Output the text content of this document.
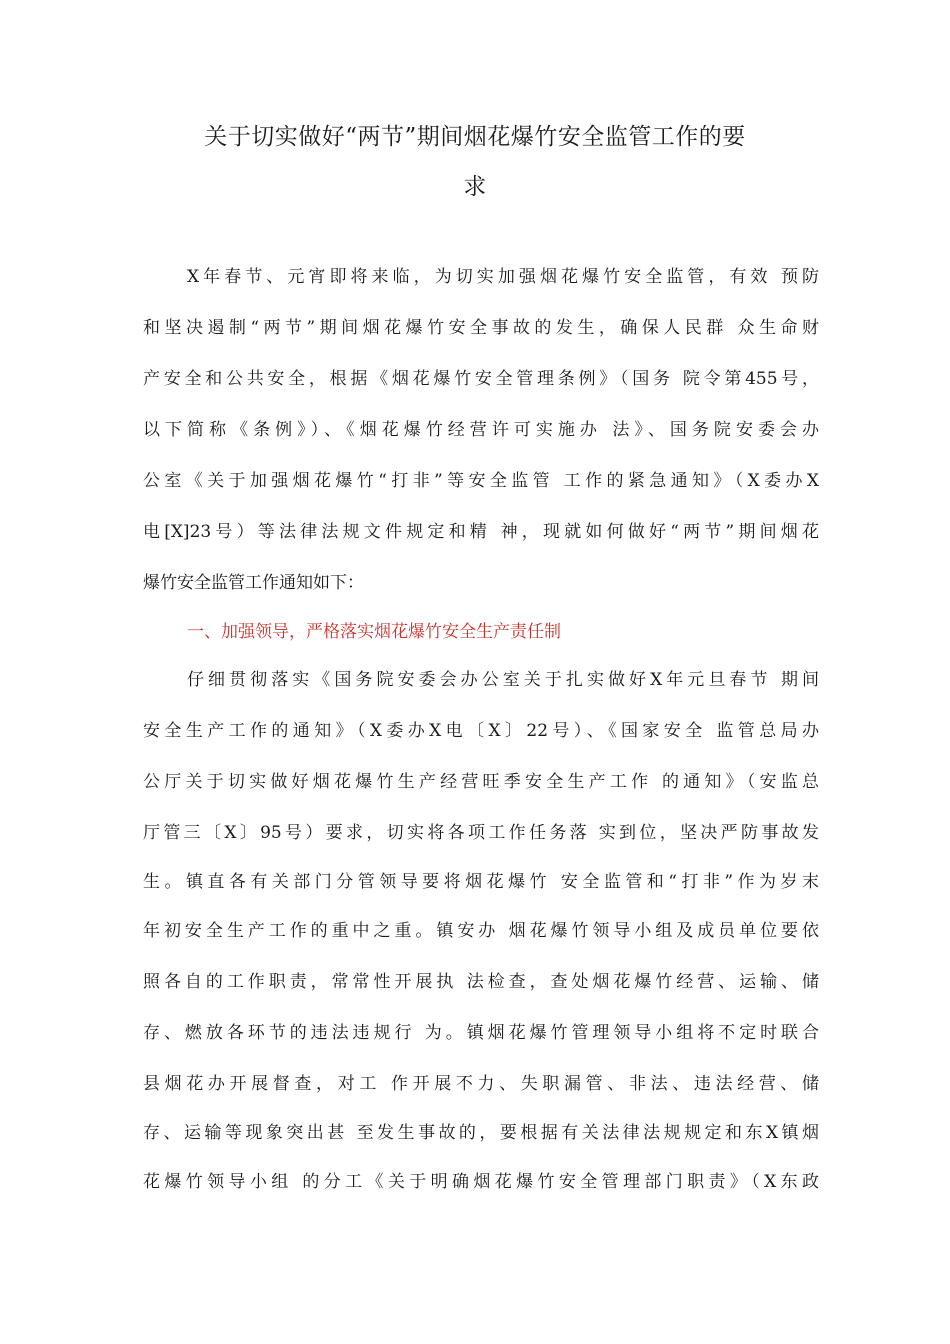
关于切实做好“两节”期间烟花爆竹安全监管工作的要
求
X年春节、元宵即将来临，为切实加强烟花爆竹安全监管，有效 预防
和坚决遏制“两节”期间烟花爆竹安全事故的发生，确保人民群 众生命财
产安全和公共安全，根据《烟花爆竹安全管理条例》（国务 院令第455号，
以下简称《条例》）、《烟花爆竹经营许可实施办 法》、国务院安委会办
公室《关于加强烟花爆竹“打非”等安全监管 工作的紧急通知》（X委办X
电[X]23号）等法律法规文件规定和精 神，现就如何做好“两节”期间烟花
爆竹安全监管工作通知如下：
一、加强领导，严格落实烟花爆竹安全生产责任制
仔细贯彻落实《国务院安委会办公室关于扎实做好X年元旦春节 期间
安全生产工作的通知》（X委办X电〔X〕22号）、《国家安全 监管总局办
公厅关于切实做好烟花爆竹生产经营旺季安全生产工作 的通知》（安监总
厅管三〔X〕95号）要求，切实将各项工作任务落 实到位，坚决严防事故发
生。镇直各有关部门分管领导要将烟花爆竹 安全监管和“打非”作为岁末
年初安全生产工作的重中之重。镇安办 烟花爆竹领导小组及成员单位要依
照各自的工作职责，常常性开展执 法检查，查处烟花爆竹经营、运输、储
存、燃放各环节的违法违规行 为。镇烟花爆竹管理领导小组将不定时联合
县烟花办开展督查，对工 作开展不力、失职漏管、非法、违法经营、储
存、运输等现象突出甚 至发生事故的，要根据有关法律法规规定和东X镇烟
花爆竹领导小组 的分工《关于明确烟花爆竹安全管理部门职责》（X东政
